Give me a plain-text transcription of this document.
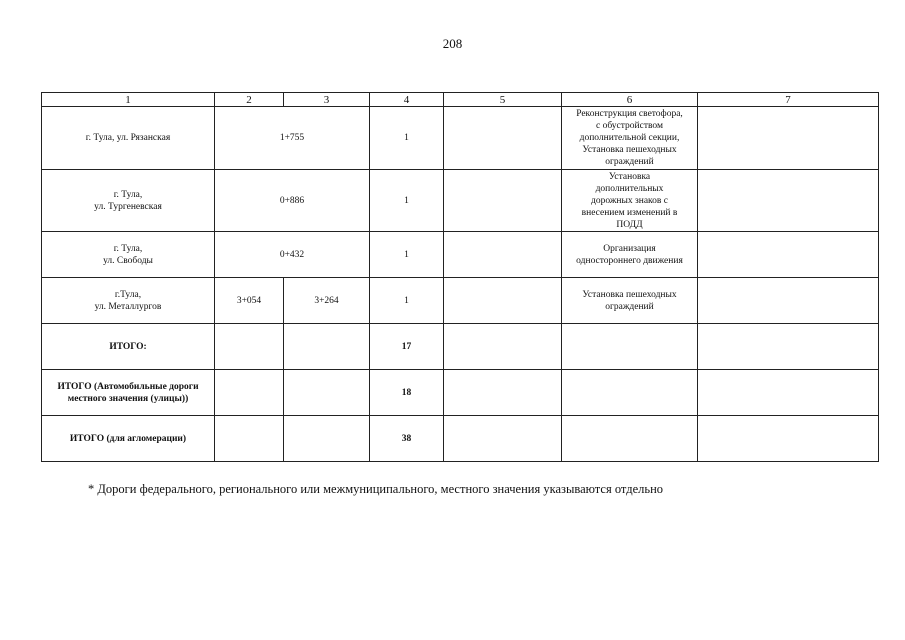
208
1	2	3	4	5	6	7
г. Тула, ул. Рязанская	1+755		1		Реконструкция светофора,
с обустройством
дополнительной секции,
Установка пешеходных
ограждений	
г. Тула,
ул. Тургеневская	0+886		1		Установка
дополнительных
дорожных знаков с
внесением изменений в
ПОДД	
г. Тула,
ул. Свободы	0+432		1		Организация
одностороннего движения	
г.Тула,
ул. Металлургов	3+054	3+264	1		Установка пешеходных
ограждений	
ИТОГО:			17			
ИТОГО (Автомобильные дороги
местного значения (улицы))			18			
ИТОГО (для агломерации)			38			
* Дороги федерального, регионального или межмуниципального, местного значения указываются отдельно
